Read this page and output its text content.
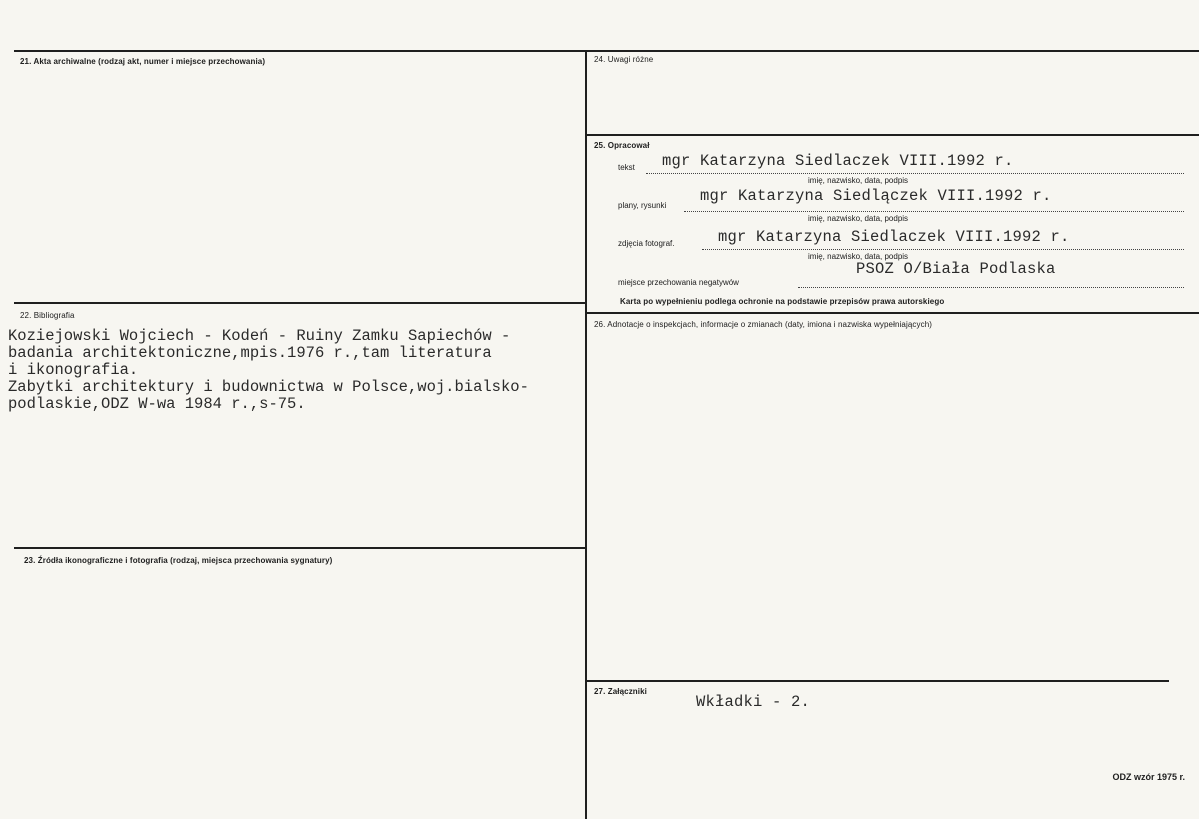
21. Akta archiwalne (rodzaj akt, numer i miejsce przechowania)
22. Bibliografia
Koziejowski Wojciech - Kodeń - Ruiny Zamku Sapiechów -
badania architektoniczne,mpis.1976 r.,tam literatura
i ikonografia.
Zabytki architektury i budownictwa w Polsce,woj.bialsko-
podlaskie,ODZ W-wa 1984 r.,s-75.
23. Źródła ikonograficzne i fotografia (rodzaj, miejsca przechowania sygnatury)
24. Uwagi różne
25. Opracował
tekst mgr Katarzyna Siedlaczek VIII.1992 r.
imię, nazwisko, data, podpis
plany, rysunki
mgr Katarzyna Siedlączek VIII.1992 r.
imię, nazwisko, data, podpis
zdjęcia fotograf.	mgr Katarzyna Siedlaczek VIII.1992 r.
imię, nazwisko, data, podpis
miejsce przechowania negatywów
PSOZ O/Biała Podlaska
Karta po wypełnieniu podlega ochronie na podstawie przepisów prawa autorskiego
26. Adnotacje o inspekcjach, informacje o zmianach (daty, imiona i nazwiska wypełniających)
27. Załączniki
Wkładki - 2.
ODZ wzór 1975 r.
